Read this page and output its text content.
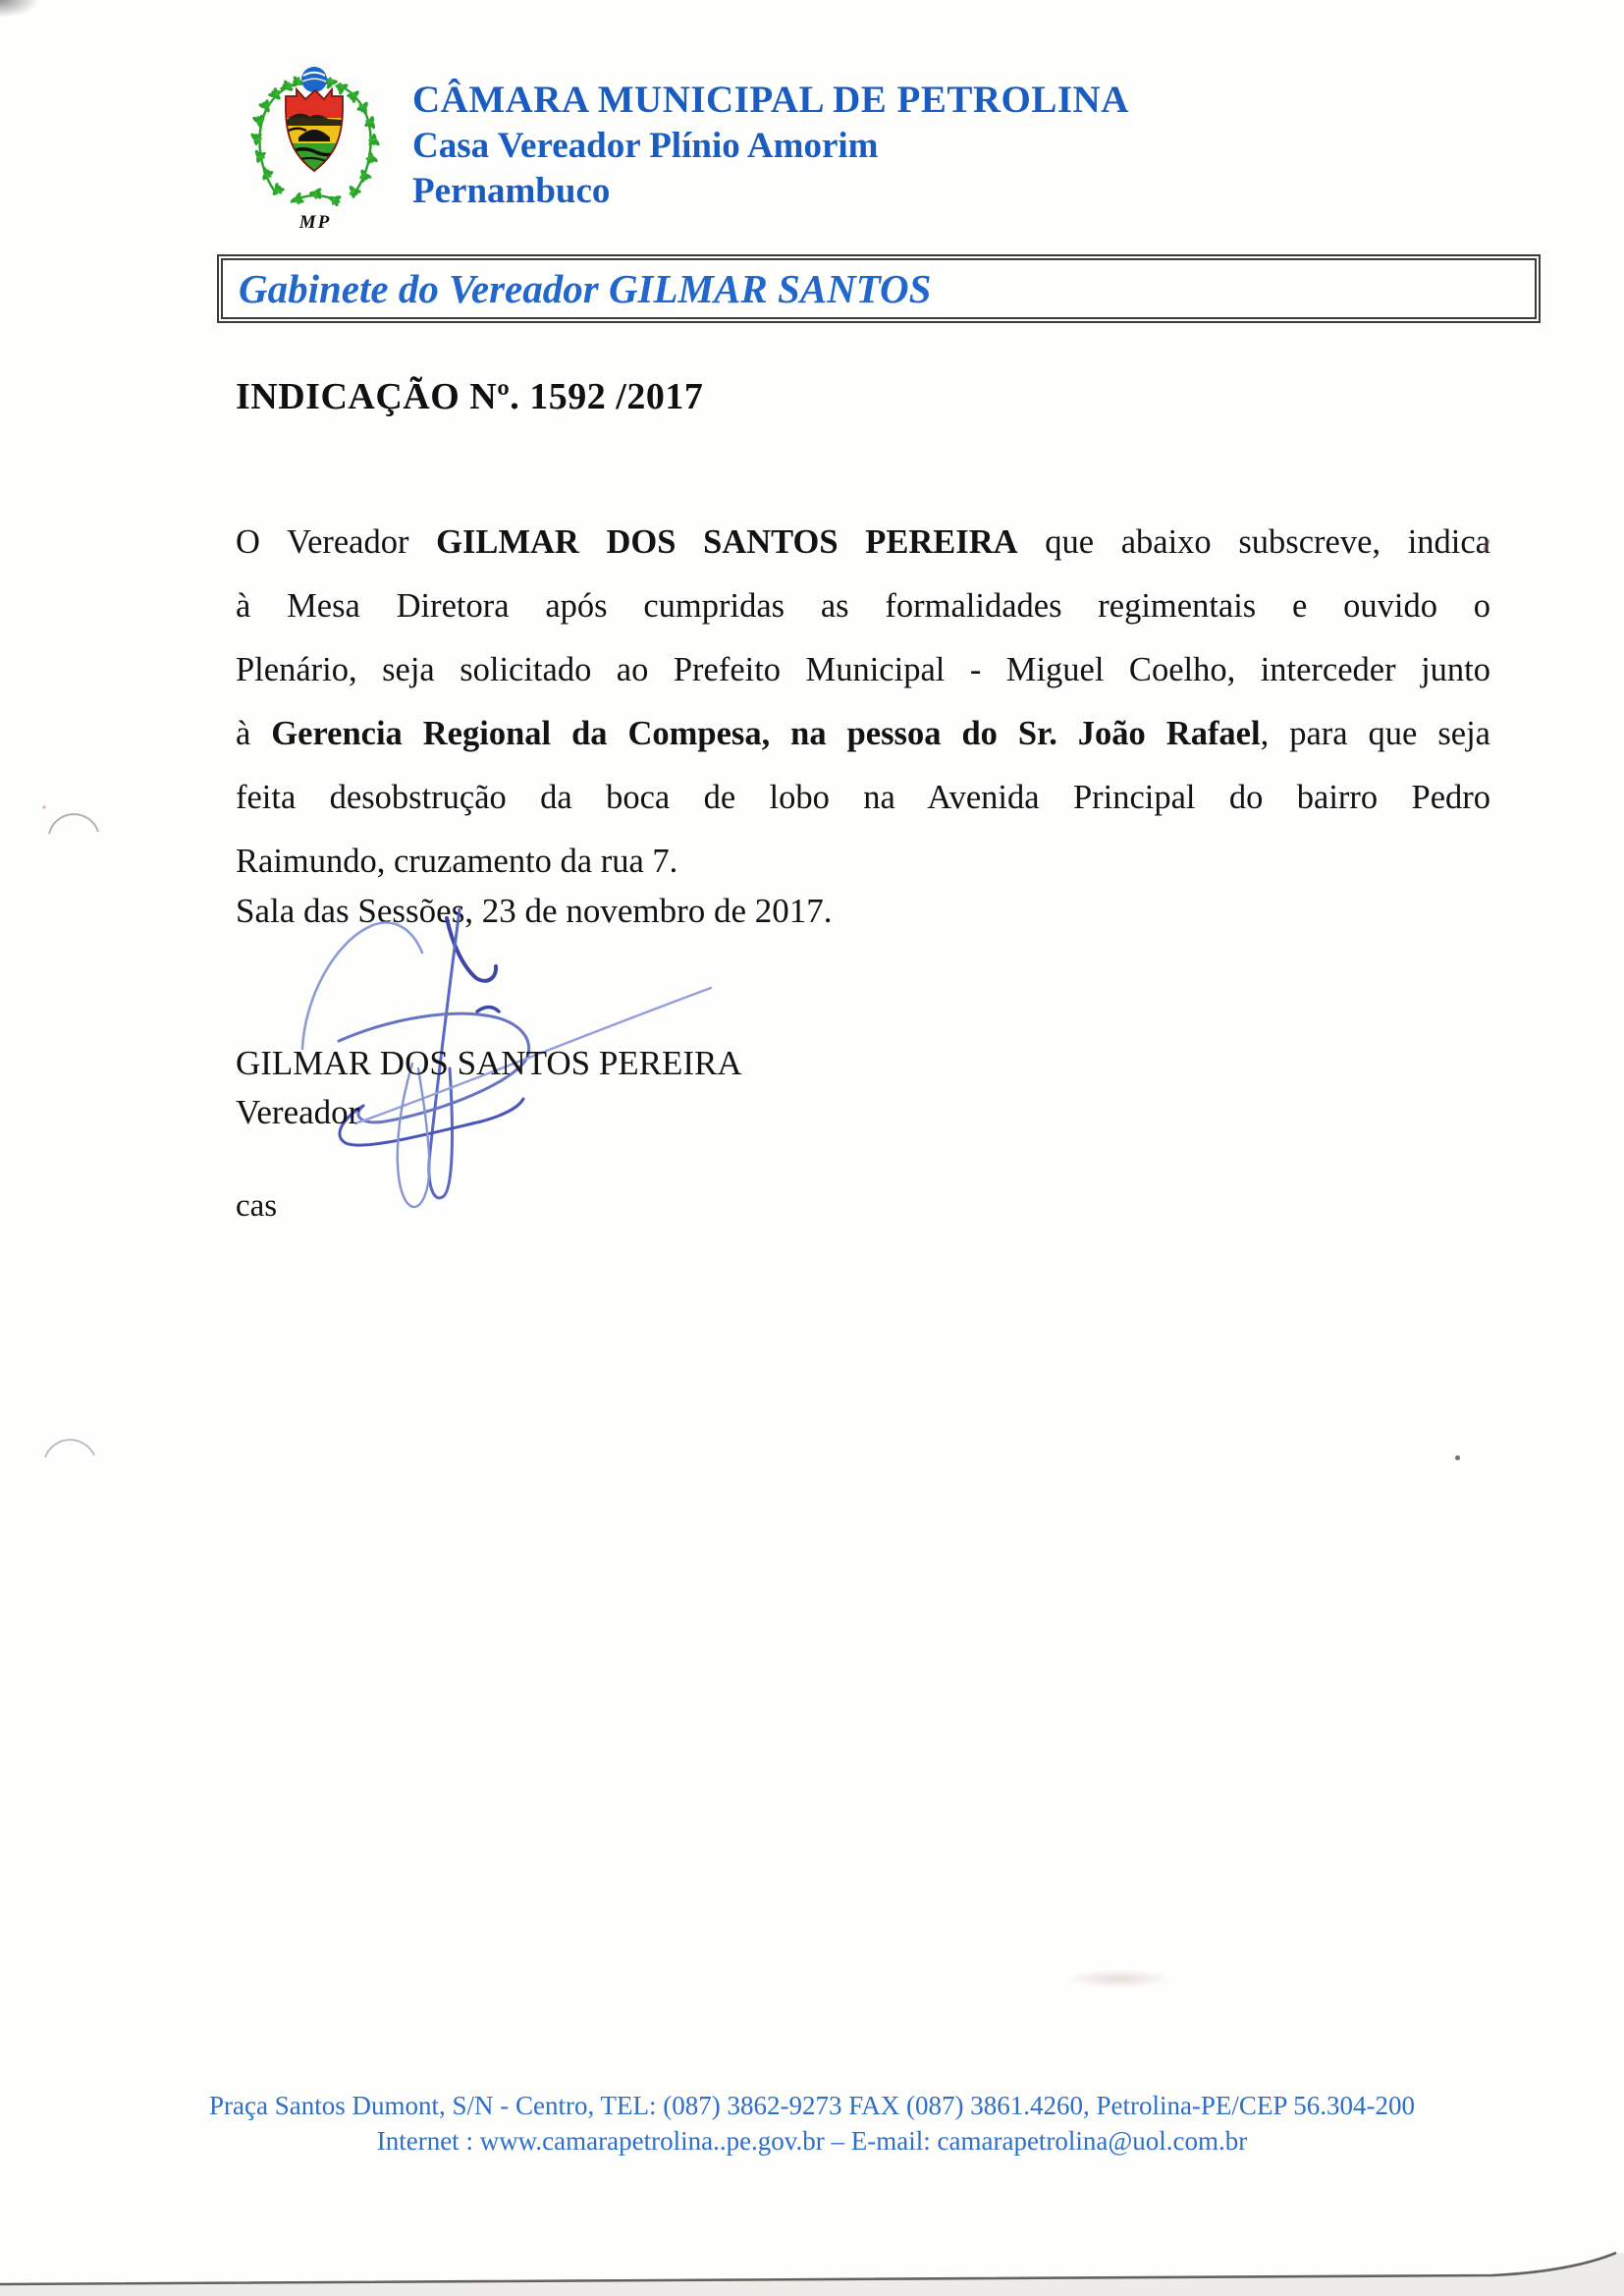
MP
CÂMARA MUNICIPAL DE PETROLINA
Casa Vereador Plínio Amorim
Pernambuco
Gabinete do Vereador GILMAR SANTOS
INDICAÇÃO Nº. 1592 /2017
O Vereador GILMAR DOS SANTOS PEREIRA que abaixo subscreve, indica
à Mesa Diretora após cumpridas as formalidades regimentais e ouvido o
Plenário, seja solicitado ao Prefeito Municipal - Miguel Coelho, interceder junto
à Gerencia Regional da Compesa, na pessoa do Sr. João Rafael, para que seja
feita desobstrução da boca de lobo na Avenida Principal do bairro Pedro
Raimundo, cruzamento da rua 7.
Sala das Sessões, 23 de novembro de 2017.
GILMAR DOS SANTOS PEREIRA
Vereador
cas
Praça Santos Dumont, S/N - Centro, TEL: (087) 3862-9273 FAX (087) 3861.4260, Petrolina-PE/CEP 56.304-200
Internet : www.camarapetrolina..pe.gov.br – E-mail: camarapetrolina@uol.com.br
